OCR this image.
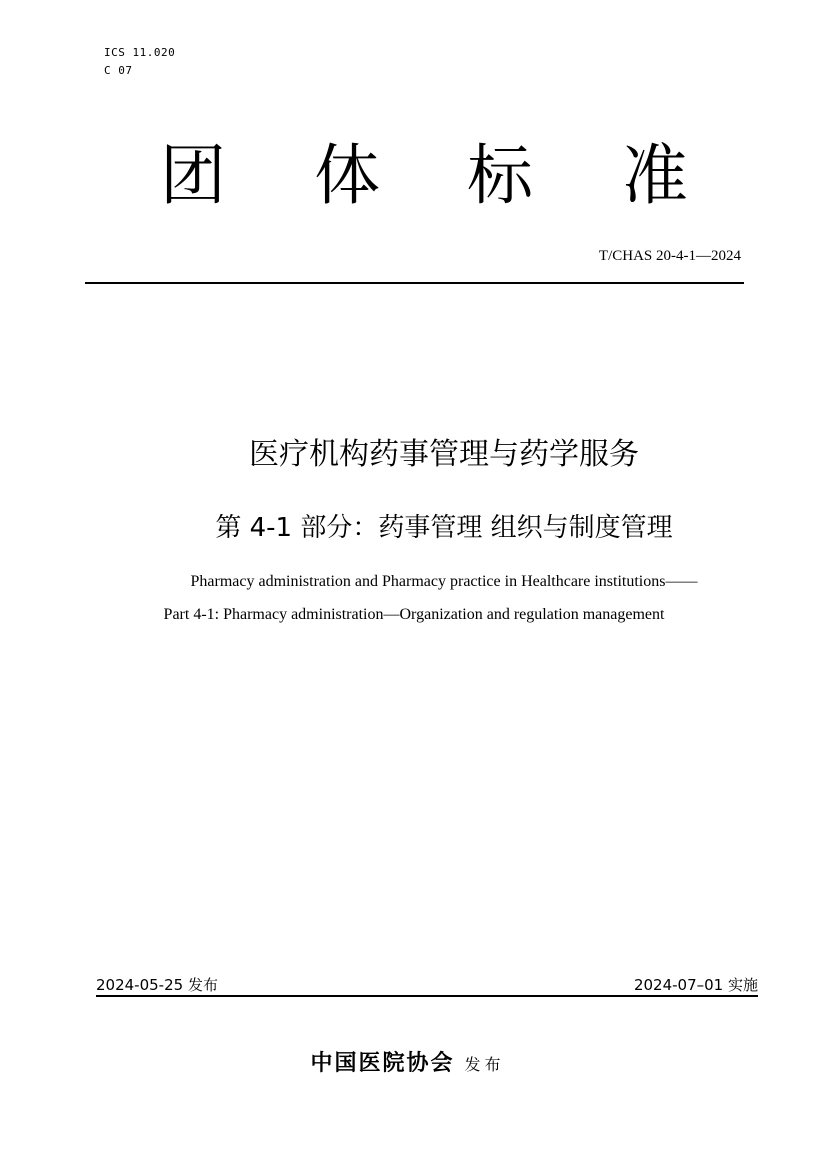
ICS 11.020
C 07
团 体 标 准
T/CHAS 20-4-1—2024
医疗机构药事管理与药学服务
第 4-1 部分：药事管理 组织与制度管理
Pharmacy administration and Pharmacy practice in Healthcare institutions——
Part 4-1: Pharmacy administration—Organization and regulation management
2024-05-25 发布	2024-07–01 实施
中国医院协会 发布
